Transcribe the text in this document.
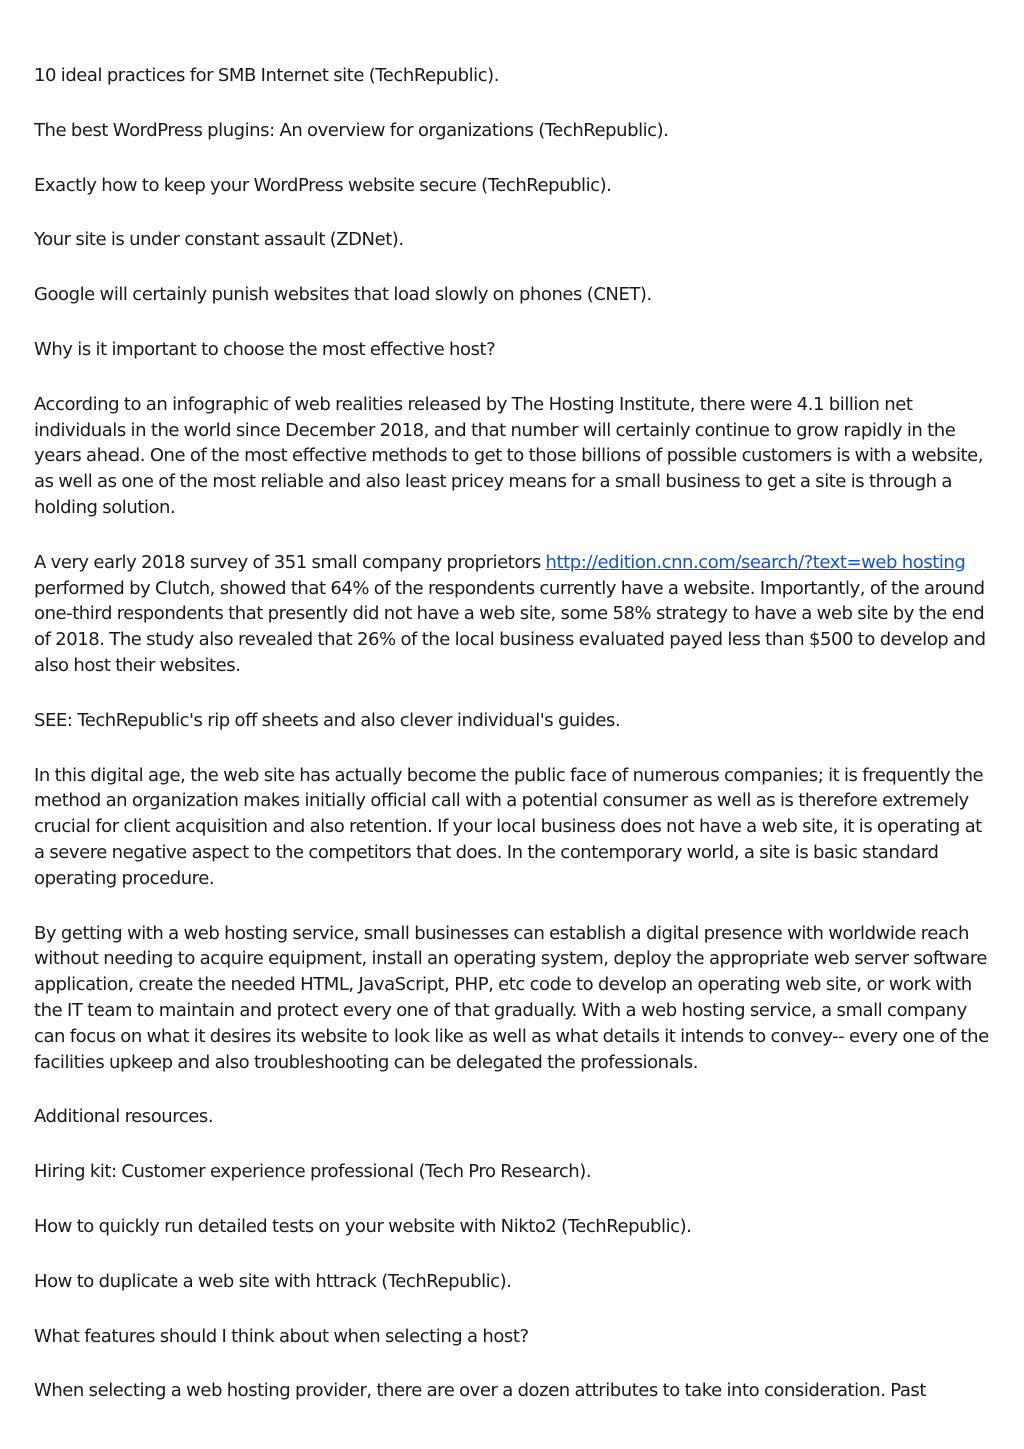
10 ideal practices for SMB Internet site (TechRepublic).

The best WordPress plugins: An overview for organizations (TechRepublic).

Exactly how to keep your WordPress website secure (TechRepublic).

Your site is under constant assault (ZDNet).

Google will certainly punish websites that load slowly on phones (CNET).

Why is it important to choose the most effective host?

According to an infographic of web realities released by The Hosting Institute, there were 4.1 billion net individuals in the world since December 2018, and that number will certainly continue to grow rapidly in the years ahead. One of the most effective methods to get to those billions of possible customers is with a website, as well as one of the most reliable and also least pricey means for a small business to get a site is through a holding solution.

A very early 2018 survey of 351 small company proprietors http://edition.cnn.com/search/?text=web hosting performed by Clutch, showed that 64% of the respondents currently have a website. Importantly, of the around one-third respondents that presently did not have a web site, some 58% strategy to have a web site by the end of 2018. The study also revealed that 26% of the local business evaluated payed less than $500 to develop and also host their websites.

SEE: TechRepublic's rip off sheets and also clever individual's guides.

In this digital age, the web site has actually become the public face of numerous companies; it is frequently the method an organization makes initially official call with a potential consumer as well as is therefore extremely crucial for client acquisition and also retention. If your local business does not have a web site, it is operating at a severe negative aspect to the competitors that does. In the contemporary world, a site is basic standard operating procedure.

By getting with a web hosting service, small businesses can establish a digital presence with worldwide reach without needing to acquire equipment, install an operating system, deploy the appropriate web server software application, create the needed HTML, JavaScript, PHP, etc code to develop an operating web site, or work with the IT team to maintain and protect every one of that gradually. With a web hosting service, a small company can focus on what it desires its website to look like as well as what details it intends to convey-- every one of the facilities upkeep and also troubleshooting can be delegated the professionals.

Additional resources.

Hiring kit: Customer experience professional (Tech Pro Research).

How to quickly run detailed tests on your website with Nikto2 (TechRepublic).

How to duplicate a web site with httrack (TechRepublic).

What features should I think about when selecting a host?

When selecting a web hosting provider, there are over a dozen attributes to take into consideration. Past
